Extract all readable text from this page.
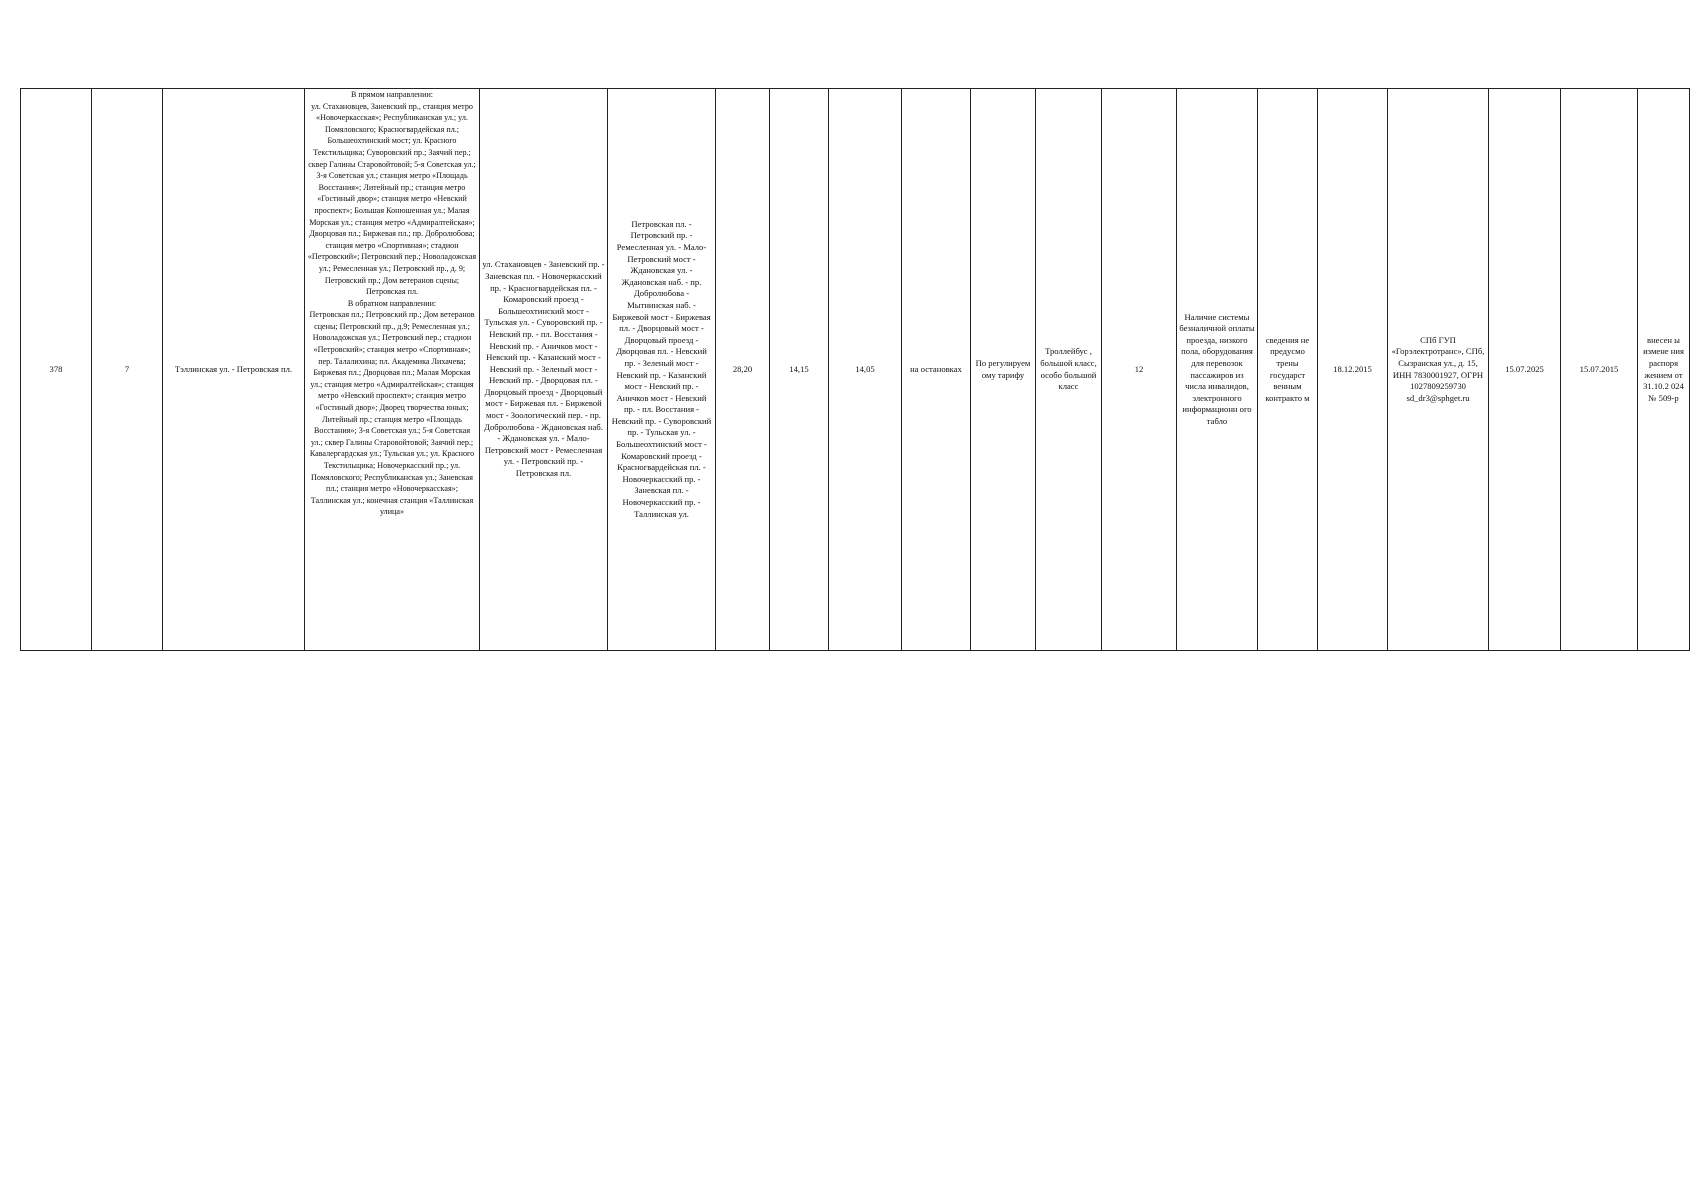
378	7	Тэллинская ул. - Петровская пл.	В прямом направлении:
ул. Стахановцев, Заневский пр., станция метро «Новочеркасская»; Республиканская ул.; ул. Помяловского; Красногвардейская пл.; Большеохтинский мост; ул. Красного Текстильщика; Суворовский пр.; Заячий пер.; сквер Галины Старовойтовой; 5-я Советская ул.; 3-я Советская ул.; станция метро «Площадь Восстания»; Литейный пр.; станция метро «Гостиный двор»; станция метро «Невский проспект»; Большая Конюшенная ул.; Малая Морская ул.; станция метро «Адмиралтейская»; Дворцовая пл.; Биржевая пл.; пр. Добролюбова; станция метро «Спортивная»; стадион «Петровский»; Петровский пер.; Новоладожская ул.; Ремесленная ул.; Петровский пр., д. 9; Петровский пр.; Дом ветеранов сцены; Петровская пл.
В обратном направлении:
Петровская пл.; Петровский пр.; Дом ветеранов сцены; Петровский пр., д.9; Ремесленная ул.; Новоладожская ул.; Петровский пер.; стадион «Петровский»; станция метро «Спортивная»; пер. Талалихина; пл. Академика Лихачева; Биржевая пл.; Дворцовая пл.; Малая Морская ул.; станция метро «Адмиралтейская»; станция метро «Невский проспект»; станция метро «Гостиный двор»; Дворец творчества юных; Литейный пр.; станция метро «Площадь Восстания»; 3-я Советская ул.; 5-я Советская ул.; сквер Галины Старовойтовой; Заячий пер.; Кавалергардская ул.; Тульская ул.; ул. Красного Текстильщика; Новочеркасский пр.; ул. Помяловского; Республиканская ул.; Заневская пл.; станция метро «Новочеркасская»; Таллинская ул.; конечная станция «Таллинская улица»	ул. Стахановцев - Заневский пр. - Заневская пл. - Новочеркасский пр. - Красногвардейская пл. - Комаровский проезд - Большеохтинский мост - Тульская ул. - Суворовский пр. - Невский пр. - пл. Восстания - Невский пр. - Аничков мост - Невский пр. - Казанский мост - Невский пр. - Зеленый мост - Невский пр. - Дворцовая пл. - Дворцовый проезд - Дворцовый мост - Биржевая пл. - Биржевой мост - Зоологический пер. - пр. Добролюбова - Ждановская наб. - Ждановская ул. - Мало-Петровский мост - Ремесленная ул. - Петровский пр. - Петровская пл.	Петровская пл. - Петровский пр. - Ремесленная ул. - Мало-Петровский мост - Ждановская ул. - Ждановская наб. - пр. Добролюбова - Мытнинская наб. - Биржевой мост - Биржевая пл. - Дворцовый мост - Дворцовый проезд - Дворцовая пл. - Невский пр. - Зеленый мост - Невский пр. - Казанский мост - Невский пр. - Аничков мост - Невский пр. - пл. Восстания - Невский пр. - Суворовский пр. - Тульская ул. - Большеохтинский мост - Комаровский проезд - Красногвардейская пл. - Новочеркасский пр. - Заневская пл. - Новочеркасский пр. - Таллинская ул.	28,20	14,15	14,05	на остановках	По регулируем ому тарифу	Троллейбус , большой класс, особо большой класс	12	Наличие системы безналичной оплаты проезда, низкого пола, оборудования для перевозок пассажиров из числа инвалидов, электронного информационн ого табло	сведения не предусмо трены государст венным контракто м	18.12.2015	СПб ГУП «Горэлектротранс», СПб, Сызранская ул., д. 15, ИНН 7830001927, ОГРН 1027809259730 sd_dr3@sphget.ru	15.07.2025	15.07.2015	внесен ы измене ния распоря жением от 31.10.2 024 № 509-р
